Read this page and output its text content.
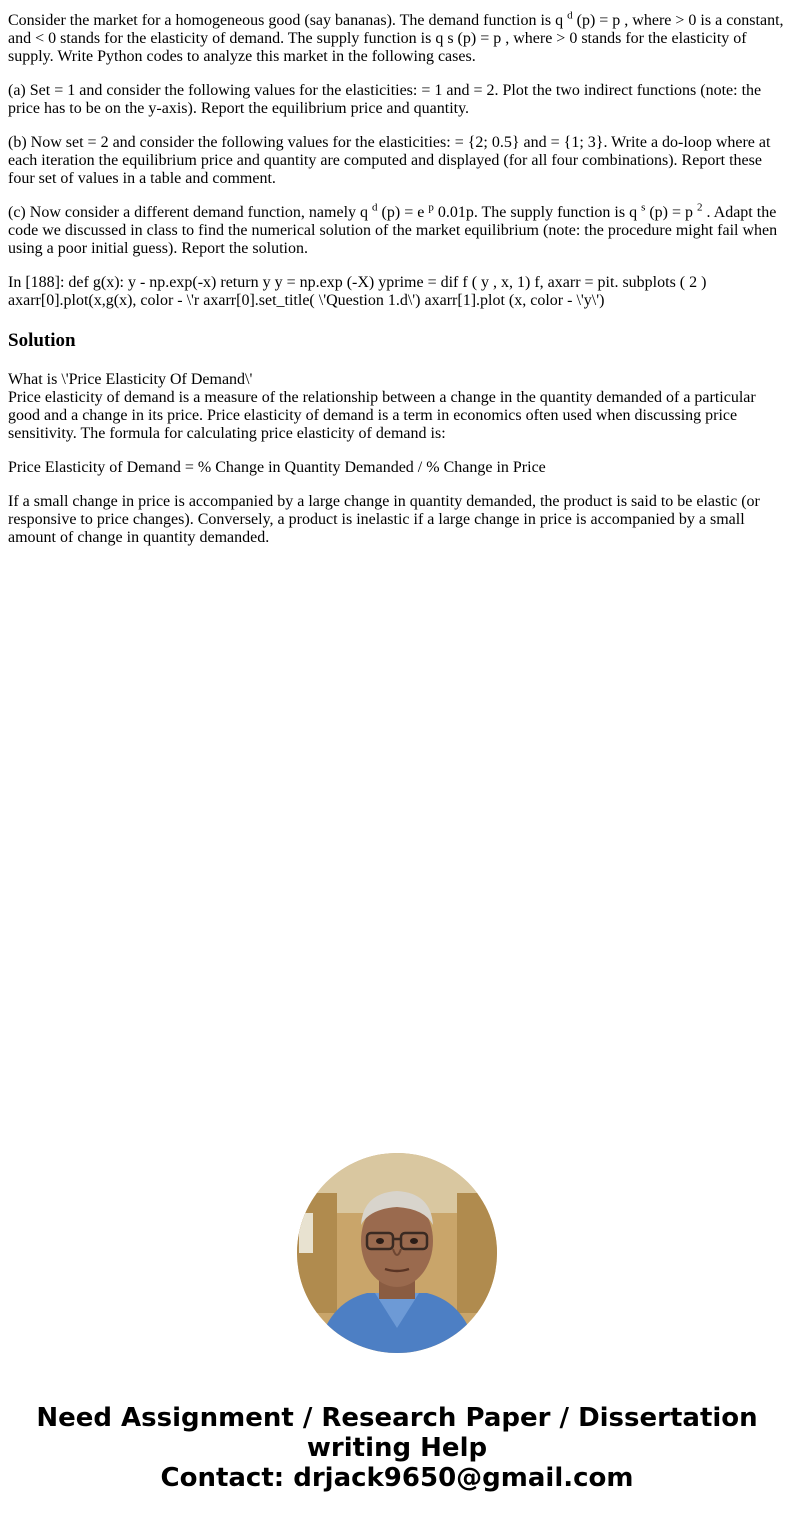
Consider the market for a homogeneous good (say bananas). The demand function is q $^d$ (p) = p , where > 0 is a constant, and < 0 stands for the elasticity of demand. The supply function is q s (p) = p , where > 0 stands for the elasticity of supply. Write Python codes to analyze this market in the following cases.

(a) Set = 1 and consider the following values for the elasticities: = 1 and = 2. Plot the two indirect functions (note: the price has to be on the y-axis). Report the equilibrium price and quantity.

(b) Now set = 2 and consider the following values for the elasticities: = {2; 0.5} and = {1; 3}. Write a do-loop where at each iteration the equilibrium price and quantity are computed and displayed (for all four combinations). Report these four set of values in a table and comment.

(c) Now consider a different demand function, namely q $^d$ (p) = e $^p$ 0.01p. The supply function is q $^s$ (p) = p $^2$ . Adapt the code we discussed in class to find the numerical solution of the market equilibrium (note: the procedure might fail when using a poor initial guess). Report the solution.

In [188]: def g(x): y - np.exp(-x) return y y = np.exp (-X) yprime = dif f ( y , x, 1) f, axarr = pit. subplots ( 2 ) axarr[0].plot(x,g(x), color - \'r axarr[0].set_title( \'Question 1.d\') axarr[1].plot (x, color - \'y\')

Solution

What is \'Price Elasticity Of Demand\'
Price elasticity of demand is a measure of the relationship between a change in the quantity demanded of a particular good and a change in its price. Price elasticity of demand is a term in economics often used when discussing price sensitivity. The formula for calculating price elasticity of demand is:

Price Elasticity of Demand = % Change in Quantity Demanded / % Change in Price

If a small change in price is accompanied by a large change in quantity demanded, the product is said to be elastic (or responsive to price changes). Conversely, a product is inelastic if a large change in price is accompanied by a small amount of change in quantity demanded.

Need Assignment / Research Paper / Dissertation
writing Help
Contact: drjack9650@gmail.com
